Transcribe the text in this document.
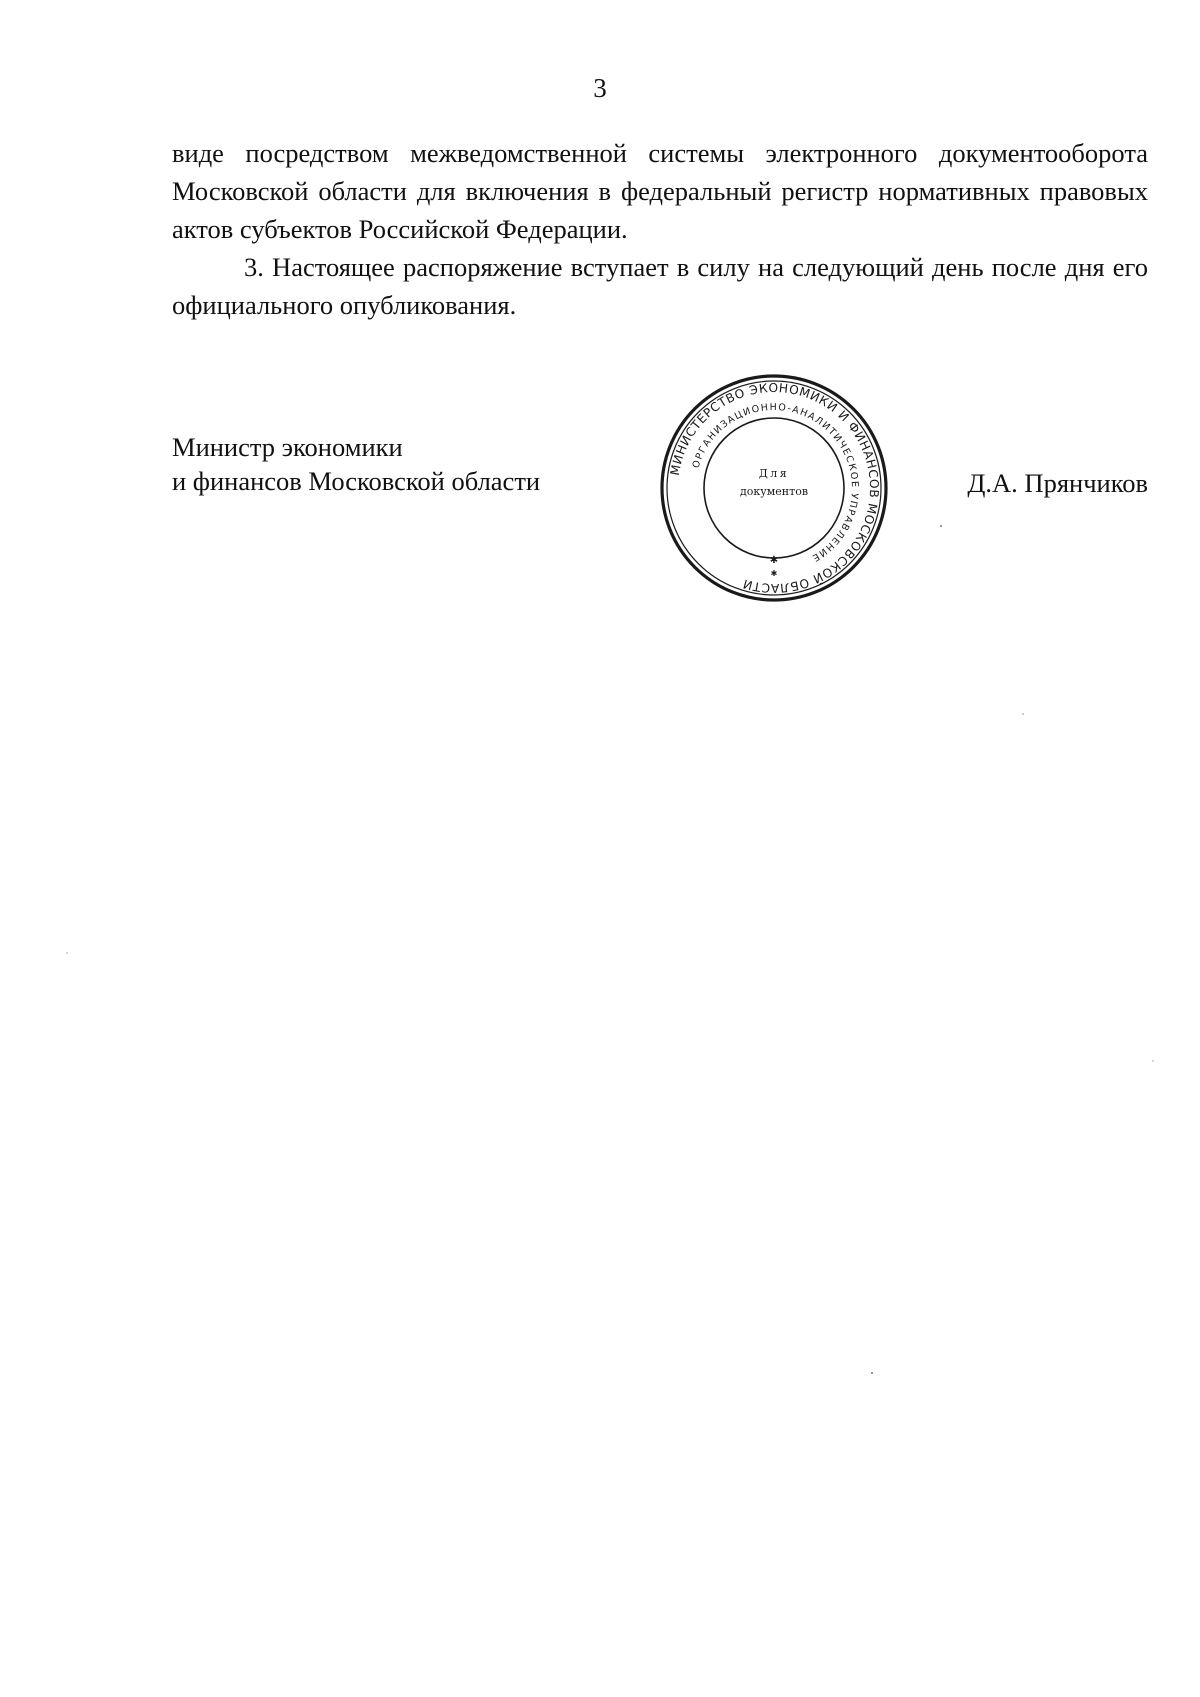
3

виде посредством межведомственной системы электронного документооборота Московской области для включения в федеральный регистр нормативных правовых актов субъектов Российской Федерации.

3. Настоящее распоряжение вступает в силу на следующий день после дня его официального опубликования.

Министр экономики
и финансов Московской области	МИНИСТЕРСТВО ЭКОНОМИКИ И ФИНАНСОВ МОСКОВСКОЙ ОБЛАСТИ
ОРГАНИЗАЦИОННО-АНАЛИТИЧЕСКОЕ УПРАВЛЕНИЕ
Для
документов
✱
✱
Д.А. Прянчиков
